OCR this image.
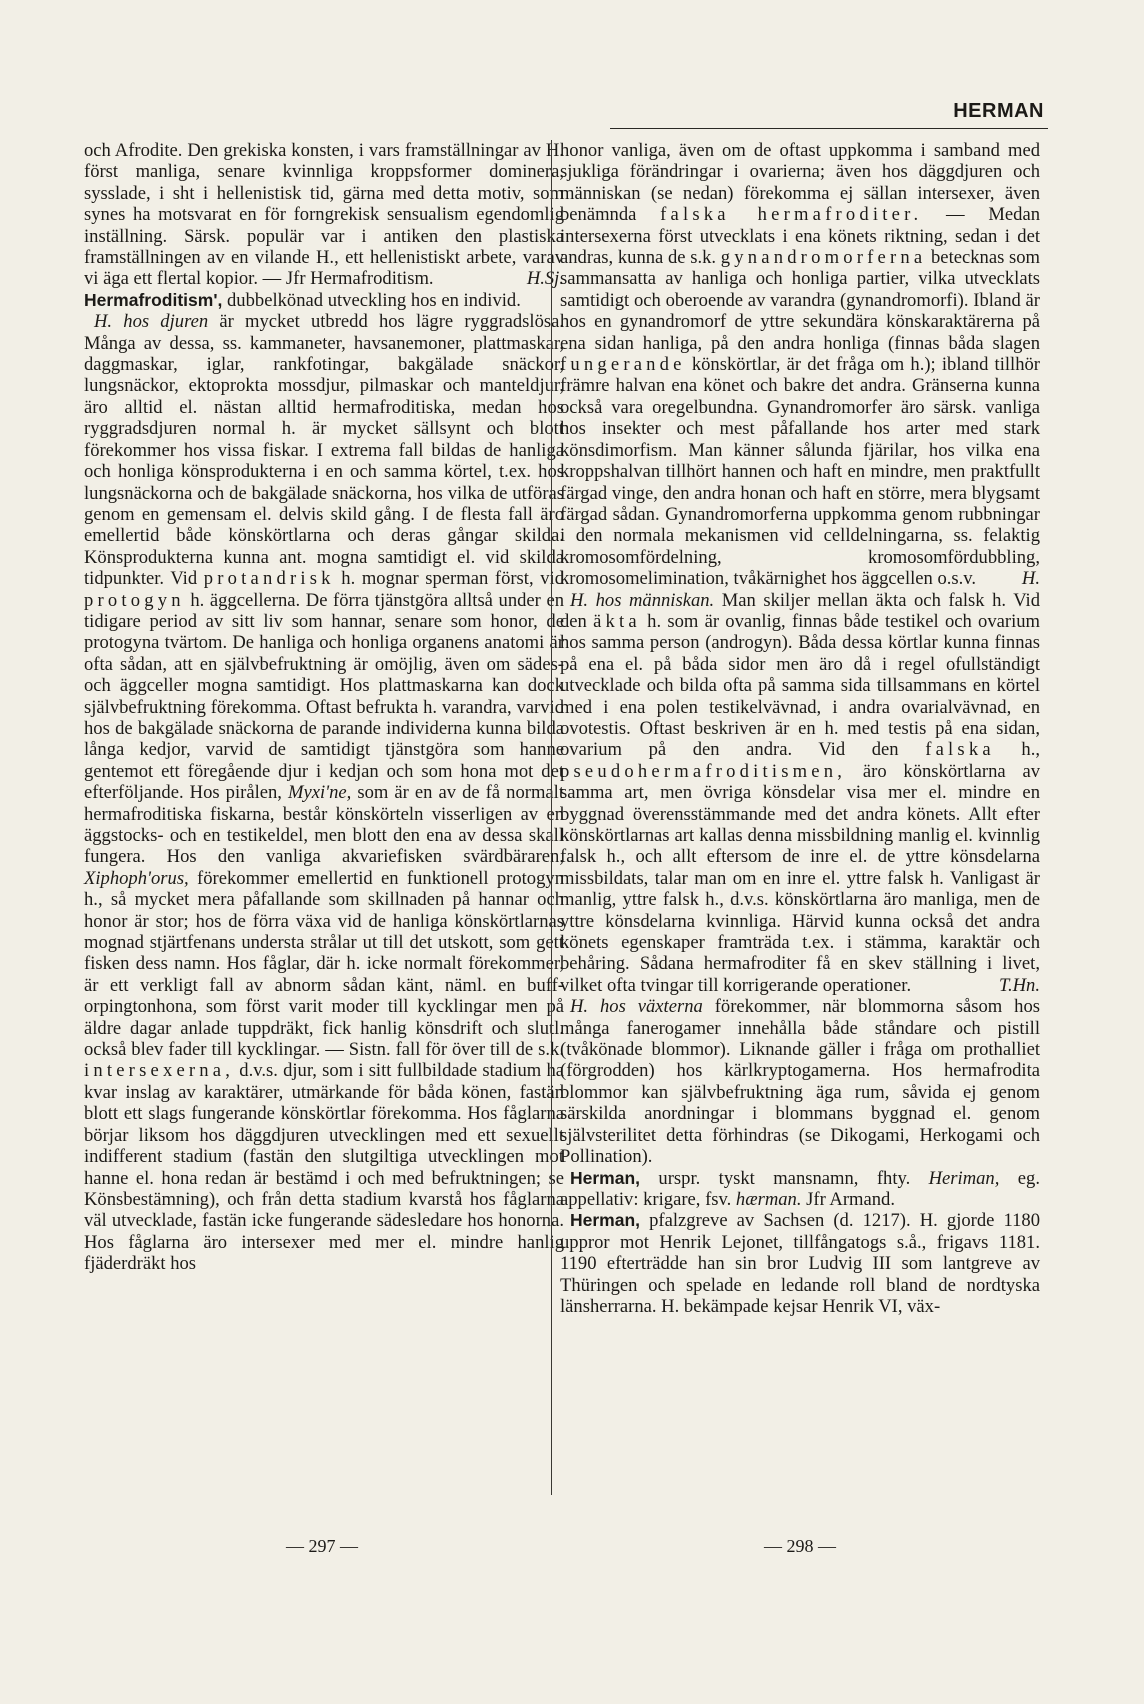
HERMAN

och Afrodite. Den grekiska konsten, i vars framställningar av H. först manliga, senare kvinnliga kroppsformer dominera, sysslade, i sht i hellenistisk tid, gärna med detta motiv, som synes ha motsvarat en för forngrekisk sensualism egendomlig inställning. Särsk. populär var i antiken den plastiska framställningen av en vilande H., ett hellenistiskt arbete, varav vi äga ett flertal kopior. — Jfr Hermafroditism.	H.Sj.

Hermafroditism', dubbelkönad utveckling hos en individ.

H. hos djuren är mycket utbredd hos lägre ryggradslösa. Många av dessa, ss. kammaneter, havsanemoner, plattmaskar, daggmaskar, iglar, rankfotingar, bakgälade snäckor, lungsnäckor, ektoprokta mossdjur, pilmaskar och manteldjur, äro alltid el. nästan alltid hermafroditiska, medan hos ryggradsdjuren normal h. är mycket sällsynt och blott förekommer hos vissa fiskar. I extrema fall bildas de hanliga och honliga könsprodukterna i en och samma körtel, t.ex. hos lungsnäckorna och de bakgälade snäckorna, hos vilka de utföras genom en gemensam el. delvis skild gång. I de flesta fall äro emellertid både könskörtlarna och deras gångar skilda. Könsprodukterna kunna ant. mogna samtidigt el. vid skilda tidpunkter. Vid protandrisk h. mognar sperman först, vid protogyn h. äggcellerna. De förra tjänstgöra alltså under en tidigare period av sitt liv som hannar, senare som honor, de protogyna tvärtom. De hanliga och honliga organens anatomi är ofta sådan, att en självbefruktning är omöjlig, även om sädes- och äggceller mogna samtidigt. Hos plattmaskarna kan dock självbefruktning förekomma. Oftast befrukta h. varandra, varvid hos de bakgälade snäckorna de parande individerna kunna bilda långa kedjor, varvid de samtidigt tjänstgöra som hanne gentemot ett föregående djur i kedjan och som hona mot det efterföljande. Hos pirålen, Myxi'ne, som är en av de få normalt hermafroditiska fiskarna, består könskörteln visserligen av en äggstocks- och en testikeldel, men blott den ena av dessa skall fungera. Hos den vanliga akvariefisken svärdbäraren, Xiphoph'orus, förekommer emellertid en funktionell protogyn h., så mycket mera påfallande som skillnaden på hannar och honor är stor; hos de förra växa vid de hanliga könskörtlarnas mognad stjärtfenans understa strålar ut till det utskott, som gett fisken dess namn. Hos fåglar, där h. icke normalt förekommer, är ett verkligt fall av abnorm sådan känt, näml. en buff-orpingtonhona, som först varit moder till kycklingar men på äldre dagar anlade tuppdräkt, fick hanlig könsdrift och slutl. också blev fader till kycklingar. — Sistn. fall för över till de s.k. intersexerna, d.v.s. djur, som i sitt fullbildade stadium ha kvar inslag av karaktärer, utmärkande för båda könen, fastän blott ett slags fungerande könskörtlar förekomma. Hos fåglarna börjar liksom hos däggdjuren utvecklingen med ett sexuellt indifferent stadium (fastän den slutgiltiga utvecklingen mot hanne el. hona redan är bestämd i och med befruktningen; se Könsbestämning), och från detta stadium kvarstå hos fåglarna väl utvecklade, fastän icke fungerande sädesledare hos honorna. Hos fåglarna äro intersexer med mer el. mindre hanlig fjäderdräkt hos

honor vanliga, även om de oftast uppkomma i samband med sjukliga förändringar i ovarierna; även hos däggdjuren och människan (se nedan) förekomma ej sällan intersexer, även benämnda falska hermafroditer. — Medan intersexerna först utvecklats i ena könets riktning, sedan i det andras, kunna de s.k. gynandromorferna betecknas som sammansatta av hanliga och honliga partier, vilka utvecklats samtidigt och oberoende av varandra (gynandromorfi). Ibland är hos en gynandromorf de yttre sekundära könskaraktärerna på ena sidan hanliga, på den andra honliga (finnas båda slagen fungerande könskörtlar, är det fråga om h.); ibland tillhör främre halvan ena könet och bakre det andra. Gränserna kunna också vara oregelbundna. Gynandromorfer äro särsk. vanliga hos insekter och mest påfallande hos arter med stark könsdimorfism. Man känner sålunda fjärilar, hos vilka ena kroppshalvan tillhört hannen och haft en mindre, men praktfullt färgad vinge, den andra honan och haft en större, mera blygsamt färgad sådan. Gynandromorferna uppkomma genom rubbningar i den normala mekanismen vid celldelningarna, ss. felaktig kromosomfördelning, kromosomfördubbling, kromosomelimination, tvåkärnighet hos äggcellen o.s.v. H.

H. hos människan. Man skiljer mellan äkta och falsk h. Vid den äkta h. som är ovanlig, finnas både testikel och ovarium hos samma person (androgyn). Båda dessa körtlar kunna finnas på ena el. på båda sidor men äro då i regel ofullständigt utvecklade och bilda ofta på samma sida tillsammans en körtel med i ena polen testikelvävnad, i andra ovarialvävnad, en ovotestis. Oftast beskriven är en h. med testis på ena sidan, ovarium på den andra. Vid den falska h., pseudohermafroditismen, äro könskörtlarna av samma art, men övriga könsdelar visa mer el. mindre en byggnad överensstämmande med det andra könets. Allt efter könskörtlarnas art kallas denna missbildning manlig el. kvinnlig falsk h., och allt eftersom de inre el. de yttre könsdelarna missbildats, talar man om en inre el. yttre falsk h. Vanligast är manlig, yttre falsk h., d.v.s. könskörtlarna äro manliga, men de yttre könsdelarna kvinnliga. Härvid kunna också det andra könets egenskaper framträda t.ex. i stämma, karaktär och behåring. Sådana hermafroditer få en skev ställning i livet, vilket ofta tvingar till korrigerande operationer.	T.Hn.

H. hos växterna förekommer, när blommorna såsom hos många fanerogamer innehålla både ståndare och pistill (tvåkönade blommor). Liknande gäller i fråga om prothalliet (förgrodden) hos kärlkryptogamerna. Hos hermafrodita blommor kan självbefruktning äga rum, såvida ej genom särskilda anordningar i blommans byggnad el. genom självsterilitet detta förhindras (se Dikogami, Herkogami och Pollination).

Herman, urspr. tyskt mansnamn, fhty. Heriman, eg. appellativ: krigare, fsv. hærman. Jfr Armand.

Herman, pfalzgreve av Sachsen (d. 1217). H. gjorde 1180 uppror mot Henrik Lejonet, tillfångatogs s.å., frigavs 1181. 1190 efterträdde han sin bror Ludvig III som lantgreve av Thüringen och spelade en ledande roll bland de nordtyska länsherrarna. H. bekämpade kejsar Henrik VI, väx-

— 297 —	— 298 —
